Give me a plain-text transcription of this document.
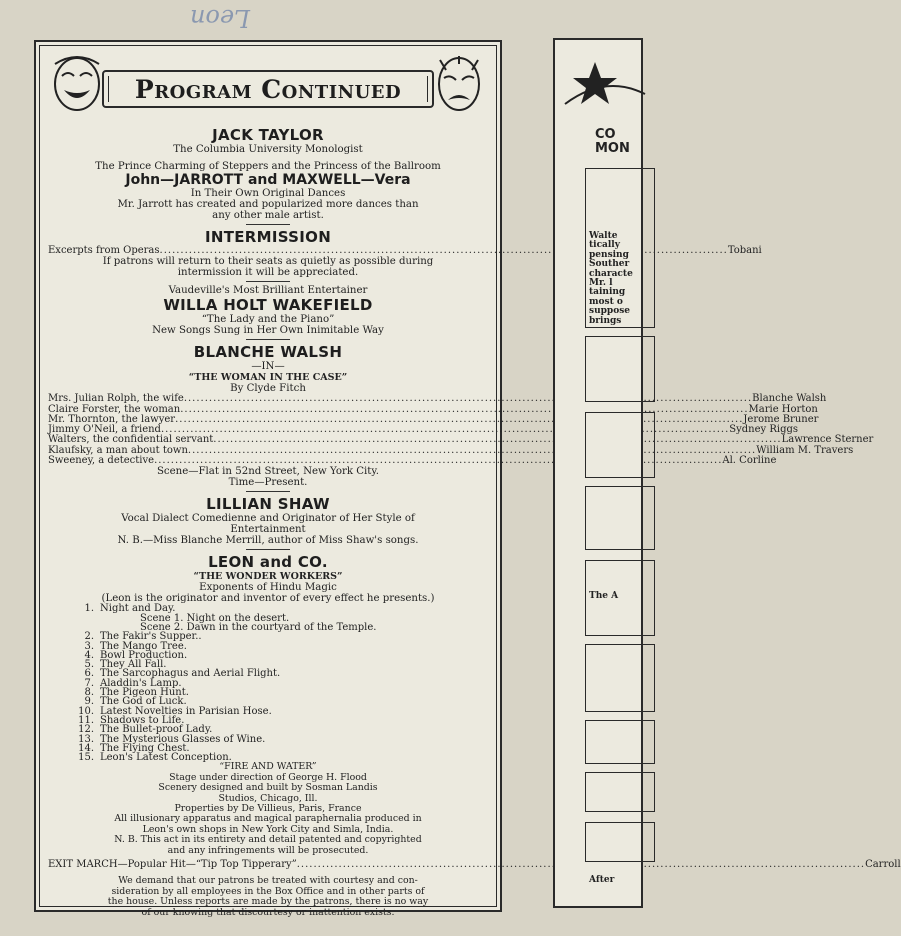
Leon
Program Continued
JACK TAYLOR
The Columbia University Monologist
The Prince Charming of Steppers and the Princess of the Ballroom
John—JARROTT and MAXWELL—Vera
In Their Own Original Dances
Mr. Jarrott has created and popularized more dances than
any other male artist.
INTERMISSION
Excerpts from Operas .....	Tobani
If patrons will return to their seats as quietly as possible during
intermission it will be appreciated.
Vaudeville's Most Brilliant Entertainer
WILLA HOLT WAKEFIELD
“The Lady and the Piano”
New Songs Sung in Her Own Inimitable Way
BLANCHE WALSH
—IN—
“THE WOMAN IN THE CASE”
By Clyde Fitch
Mrs. Julian Rolph, the wife .....	Blanche Walsh
Claire Forster, the woman .....	Marie Horton
Mr. Thornton, the lawyer .....	Jerome Bruner
Jimmy O'Neil, a friend .....	Sydney Riggs
Walters, the confidential servant .....	Lawrence Sterner
Klaufsky, a man about town .....	William M. Travers
Sweeney, a detective .....	Al. Corline
Scene—Flat in 52nd Street, New York City.
Time—Present.
LILLIAN SHAW
Vocal Dialect Comedienne and Originator of Her Style of
Entertainment
N. B.—Miss Blanche Merrill, author of Miss Shaw's songs.
LEON and CO.
“THE WONDER WORKERS”
Exponents of Hindu Magic
(Leon is the originator and inventor of every effect he presents.)
1. Night and Day.
Scene 1. Night on the desert.
Scene 2. Dawn in the courtyard of the Temple.
2. The Fakir's Supper..
3. The Mango Tree.
4. Bowl Production.
5. They All Fall.
6. The Sarcophagus and Aerial Flight.
7. Aladdin's Lamp.
8. The Pigeon Hunt.
9. The God of Luck.
10. Latest Novelties in Parisian Hose.
11. Shadows to Life.
12. The Bullet-proof Lady.
13. The Mysterious Glasses of Wine.
14. The Flying Chest.
15. Leon's Latest Conception.
“FIRE AND WATER”
Stage under direction of George H. Flood
Scenery designed and built by Sosman Landis
Studios, Chicago, Ill.
Properties by De Villieus, Paris, France
All illusionary apparatus and magical paraphernalia produced in
Leon's own shops in New York City and Simla, India.
N. B. This act in its entirety and detail patented and copyrighted
and any infringements will be prosecuted.
EXIT MARCH—Popular Hit—“Tip Top Tipperary” .....	Carroll
We demand that our patrons be treated with courtesy and con-
sideration by all employees in the Box Office and in other parts of
the house. Unless reports are made by the patrons, there is no way
of our knowing that discourtesy or inattention exists.
CO
MON
Walte
tically
pensing
Souther
characte
Mr. l
taining
most o
suppose
brings
The A
After
